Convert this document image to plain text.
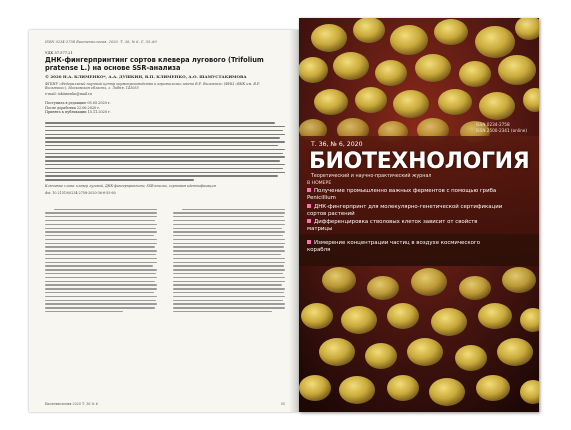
ISSN 0234-2758 Биотехнология. 2020. Т. 36. № 6. С. 55–60
УДК 57.577.21
ДНК-фингерпринтинг сортов клевера лугового (Trifolium pratense L.) на основе SSR-анализа
© 2020 Н.А. КЛИМЕНКО*, А.А. ДУШКИН, В.П. КЛИМЕНКО, А.О. ШАМУСТАКИМОВА
ФГБНУ «Федеральный научный центр кормопроизводства и агроэкологии имени В.Р. Вильямса» (ФНЦ «ВИК им. В.Р. Вильямса»), Московская область, г. Лобня, 141055
e-mail: iskiimenko@mail.ru
Поступила в редакцию 05.05.2020 г.
После доработки 22.06.2020 г.
Принята к публикации 15.11.2020 г.
Ключевые слова: клевер луговой, ДНК-фингерпринтинг, SSR-анализ, сортовая идентификация
doi: 10.21519/0234-2758-2020-36-6-55-60
Биотехнология 2020 Т. 36 № 6	55
ISSN 0234-2758
ISSN 2500-2341 (online)
Т. 36, № 6, 2020
БИОТЕХНОЛОГИЯ
Теоретический и научно-практический журнал
В НОМЕРЕ
Получение промышленно важных ферментов с помощью гриба Penicillium
ДНК-фингерпринт для молекулярно-генетической сертификации сортов растений
Дифференцировка стволовых клеток зависит от свойств матрицы
Измерение концентрации частиц в воздухе космического корабля
